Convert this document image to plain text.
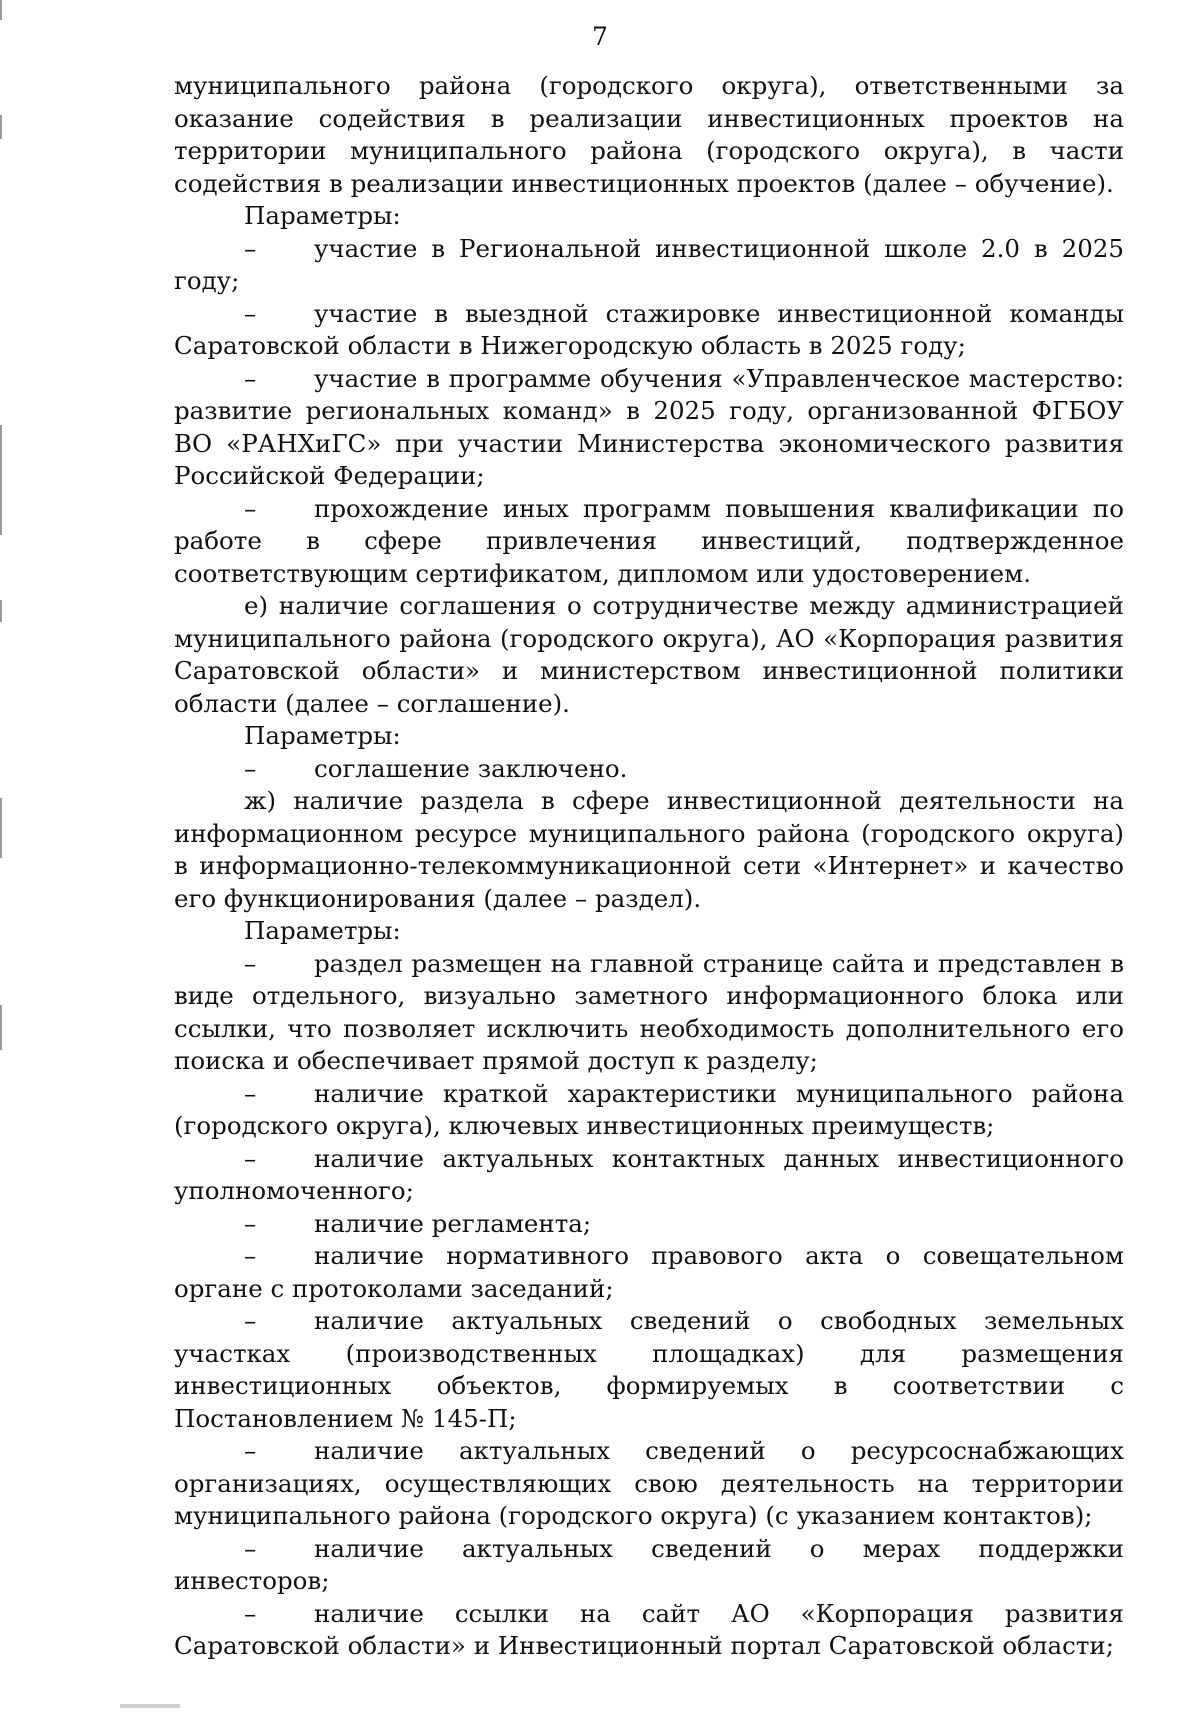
7

муниципального района (городского округа), ответственными за оказание содействия в реализации инвестиционных проектов на территории муниципального района (городского округа), в части содействия в реализации инвестиционных проектов (далее – обучение).

Параметры:

– участие в Региональной инвестиционной школе 2.0 в 2025 году;

– участие в выездной стажировке инвестиционной команды Саратовской области в Нижегородскую область в 2025 году;

– участие в программе обучения «Управленческое мастерство: развитие региональных команд» в 2025 году, организованной ФГБОУ ВО «РАНХиГС» при участии Министерства экономического развития Российской Федерации;

– прохождение иных программ повышения квалификации по работе в сфере привлечения инвестиций, подтвержденное соответствующим сертификатом, дипломом или удостоверением.

е) наличие соглашения о сотрудничестве между администрацией муниципального района (городского округа), АО «Корпорация развития Саратовской области» и министерством инвестиционной политики области (далее – соглашение).

Параметры:

– соглашение заключено.

ж) наличие раздела в сфере инвестиционной деятельности на информационном ресурсе муниципального района (городского округа) в информационно-телекоммуникационной сети «Интернет» и качество его функционирования (далее – раздел).

Параметры:

– раздел размещен на главной странице сайта и представлен в виде отдельного, визуально заметного информационного блока или ссылки, что позволяет исключить необходимость дополнительного его поиска и обеспечивает прямой доступ к разделу;

– наличие краткой характеристики муниципального района (городского округа), ключевых инвестиционных преимуществ;

– наличие актуальных контактных данных инвестиционного уполномоченного;

– наличие регламента;

– наличие нормативного правового акта о совещательном органе с протоколами заседаний;

– наличие актуальных сведений о свободных земельных участках (производственных площадках) для размещения инвестиционных объектов, формируемых в соответствии с Постановлением № 145-П;

– наличие актуальных сведений о ресурсоснабжающих организациях, осуществляющих свою деятельность на территории муниципального района (городского округа) (с указанием контактов);

– наличие актуальных сведений о мерах поддержки инвесторов;

– наличие ссылки на сайт АО «Корпорация развития Саратовской области» и Инвестиционный портал Саратовской области;
